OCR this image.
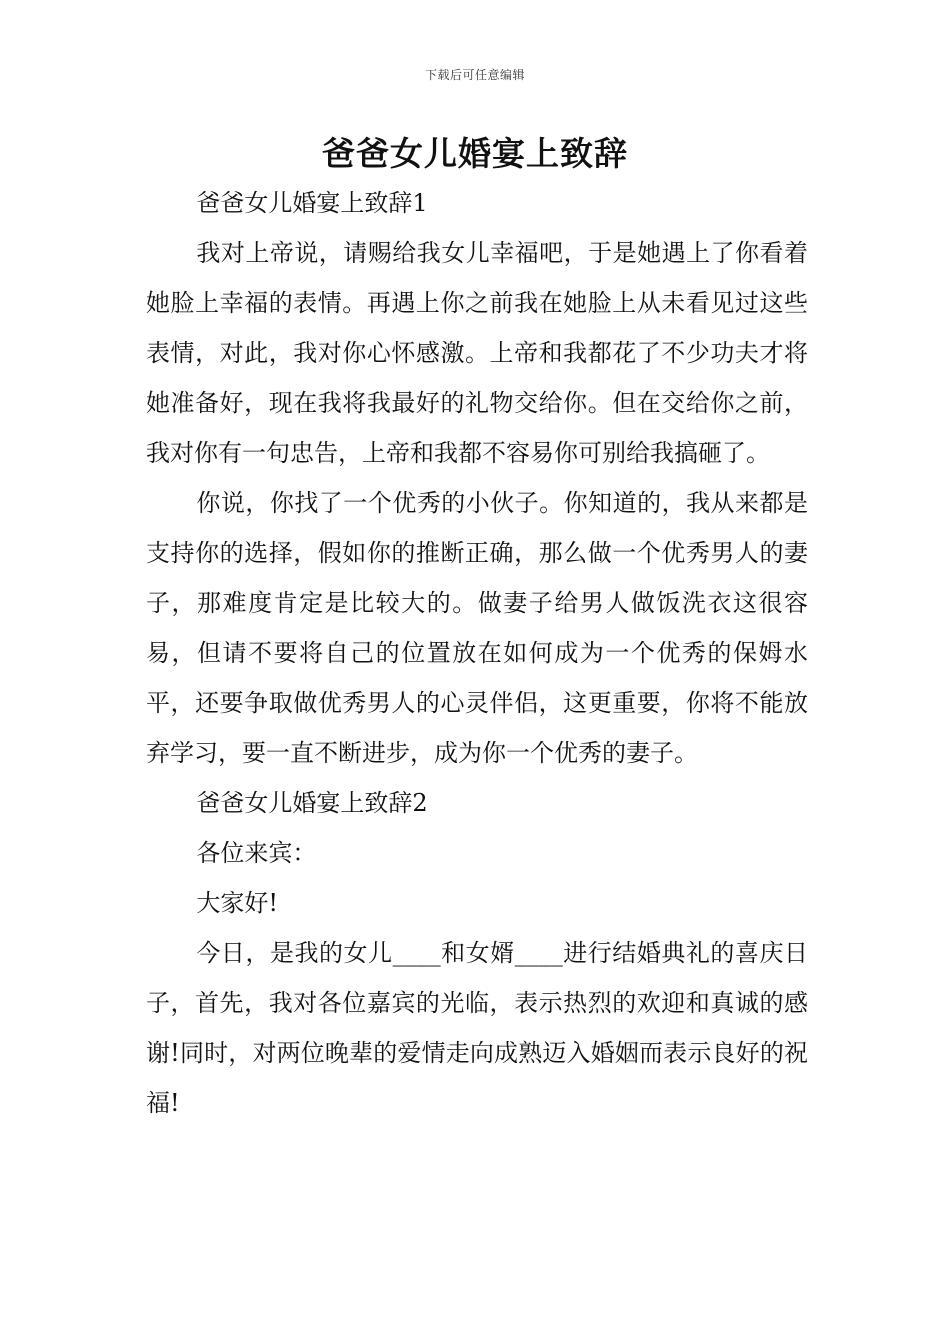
下载后可任意编辑
爸爸女儿婚宴上致辞

爸爸女儿婚宴上致辞1

我对上帝说，请赐给我女儿幸福吧，于是她遇上了你看着她脸上幸福的表情。再遇上你之前我在她脸上从未看见过这些表情，对此，我对你心怀感激。上帝和我都花了不少功夫才将她准备好，现在我将我最好的礼物交给你。但在交给你之前，我对你有一句忠告，上帝和我都不容易你可别给我搞砸了。

你说，你找了一个优秀的小伙子。你知道的，我从来都是支持你的选择，假如你的推断正确，那么做一个优秀男人的妻子，那难度肯定是比较大的。做妻子给男人做饭洗衣这很容易，但请不要将自己的位置放在如何成为一个优秀的保姆水平，还要争取做优秀男人的心灵伴侣，这更重要，你将不能放弃学习，要一直不断进步，成为你一个优秀的妻子。

爸爸女儿婚宴上致辞2

各位来宾：

大家好!

今日，是我的女儿____和女婿____进行结婚典礼的喜庆日子，首先，我对各位嘉宾的光临，表示热烈的欢迎和真诚的感谢!同时，对两位晚辈的爱情走向成熟迈入婚姻而表示良好的祝福!
